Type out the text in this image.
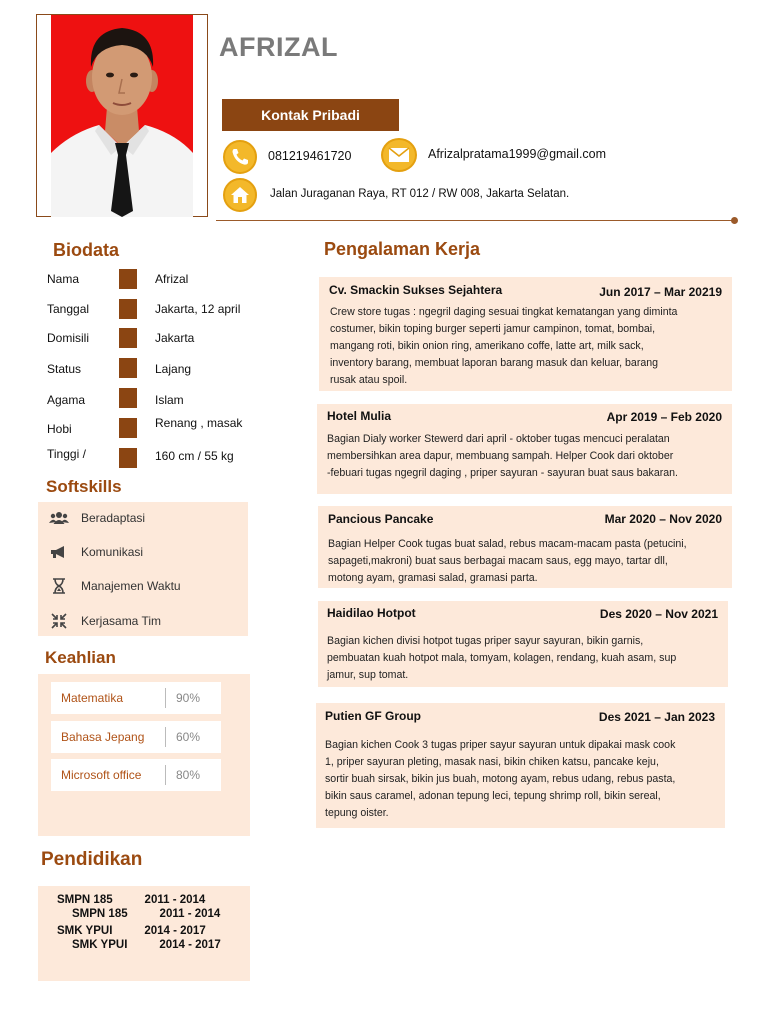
AFRIZAL
Kontak Pribadi
081219461720	Afrizalpratama1999@gmail.com
Jalan Juraganan Raya, RT 012 / RW 008, Jakarta Selatan.
Biodata
Nama	Afrizal
Tanggal	Jakarta, 12 april
Domisili	Jakarta
Status	Lajang
Agama	Islam
Hobi	Renang , masak
Tinggi /	160 cm / 55 kg
Softskills
Beradaptasi
Komunikasi
Manajemen Waktu
Kerjasama Tim
Keahlian
Matematika	90%
Bahasa Jepang	60%
Microsoft office	80%
Pendidikan
SMPN 185          2011 - 2014
SMPN 185          2011 - 2014
SMK YPUI          2014 - 2017
SMK YPUI          2014 - 2017
Pengalaman Kerja
Cv. Smackin Sukses Sejahtera	Jun 2017 – Mar 20219
Crew store tugas : ngegril daging sesuai tingkat kematangan yang diminta
costumer, bikin toping burger seperti jamur campinon, tomat, bombai,
mangang roti, bikin onion ring, amerikano coffe, latte art, milk sack,
inventory barang, membuat laporan barang masuk dan keluar, barang
rusak atau spoil.
Hotel Mulia	Apr 2019 – Feb 2020
Bagian Dialy worker Stewerd dari april - oktober tugas mencuci peralatan
membersihkan area dapur, membuang sampah. Helper Cook dari oktober
-febuari tugas ngegril daging , priper sayuran - sayuran buat saus bakaran.
Pancious Pancake	Mar 2020 – Nov 2020
Bagian Helper Cook tugas buat salad, rebus macam-macam pasta (petucini,
sapageti,makroni) buat saus berbagai macam saus, egg mayo, tartar dll,
motong ayam, gramasi salad, gramasi parta.
Haidilao Hotpot	Des 2020 – Nov 2021
Bagian kichen divisi hotpot tugas priper sayur sayuran, bikin garnis,
pembuatan kuah hotpot mala, tomyam, kolagen, rendang, kuah asam, sup
jamur, sup tomat.
Putien GF Group	Des 2021 – Jan 2023
Bagian kichen Cook 3 tugas priper sayur sayuran untuk dipakai mask cook
1, priper sayuran pleting, masak nasi, bikin chiken katsu, pancake keju,
sortir buah sirsak, bikin jus buah, motong ayam, rebus udang, rebus pasta,
bikin saus caramel, adonan tepung leci, tepung shrimp roll, bikin sereal,
tepung oister.
